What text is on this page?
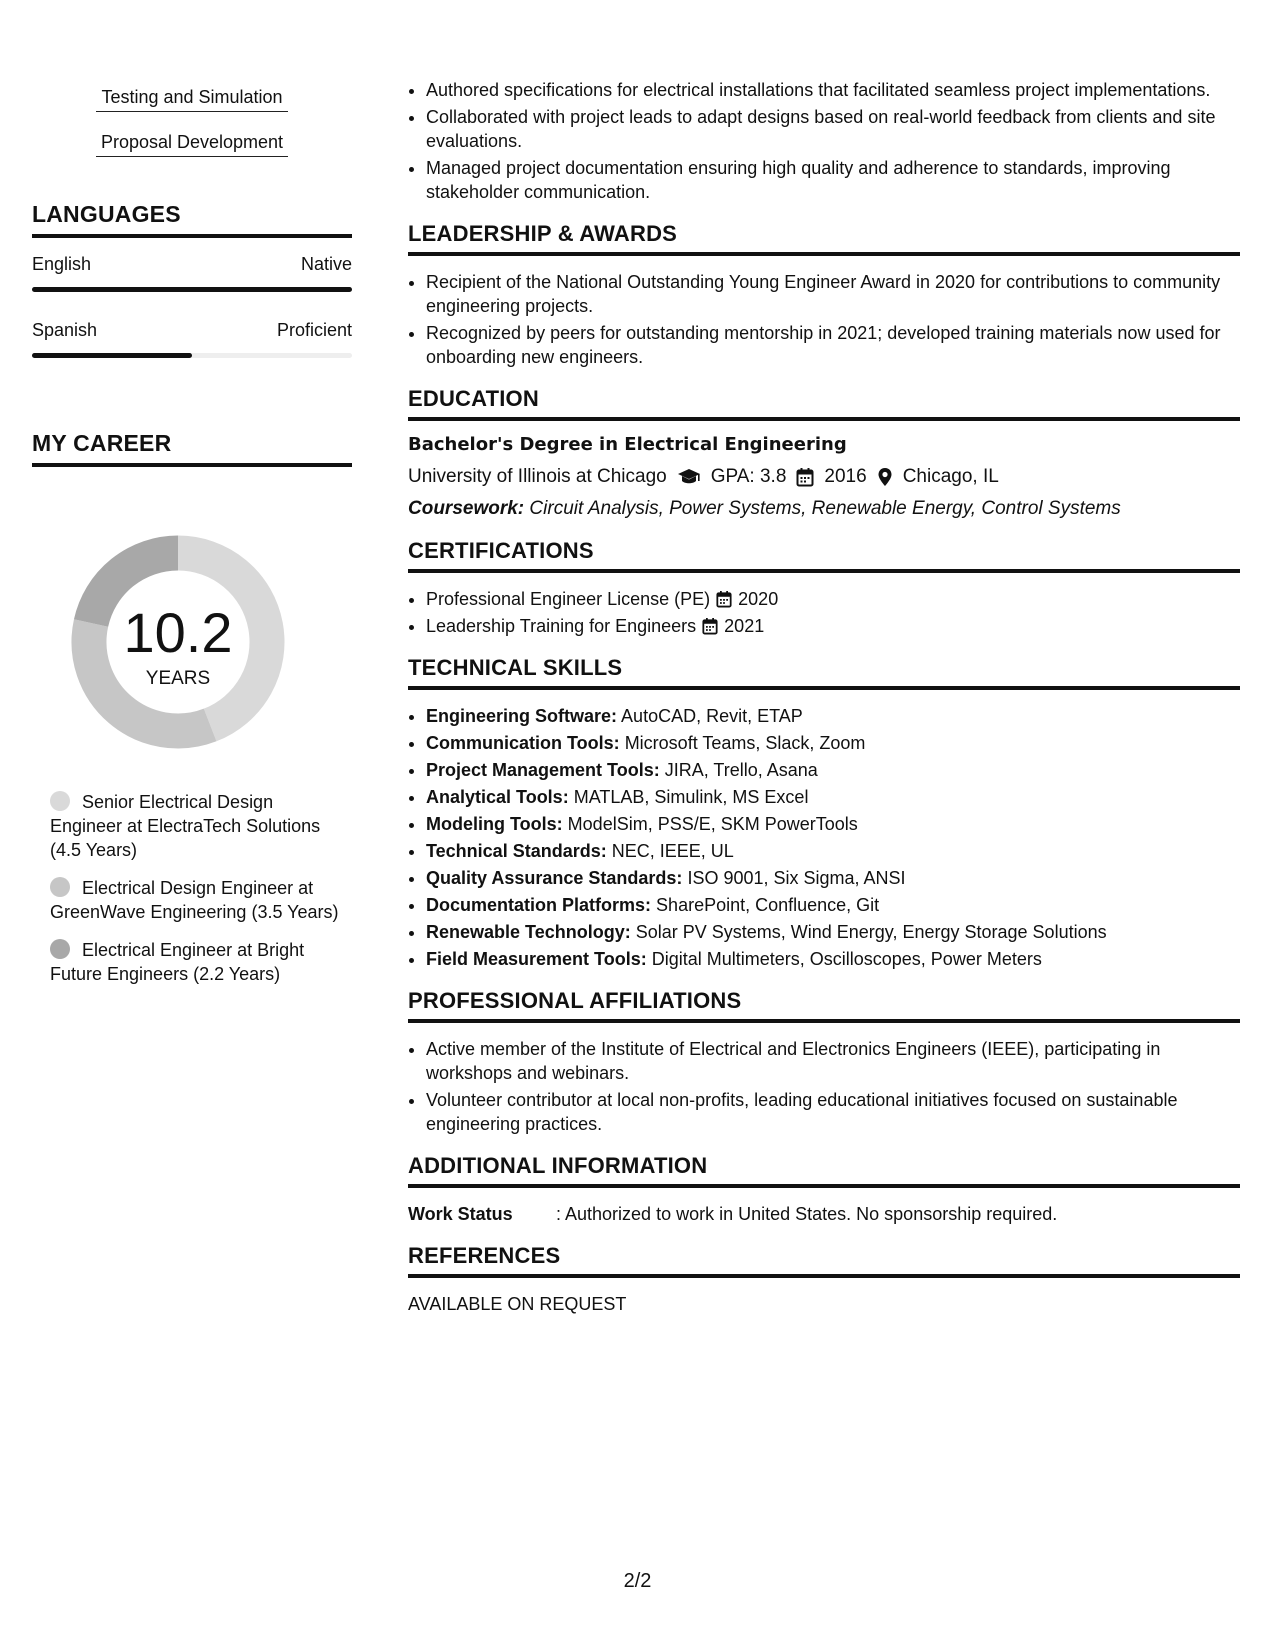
Testing and Simulation
Proposal Development
LANGUAGES
English	Native
Spanish	Proficient
MY CAREER
10.2
YEARS
Senior Electrical Design Engineer at ElectraTech Solutions (4.5 Years)
Electrical Design Engineer at GreenWave Engineering (3.5 Years)
Electrical Engineer at Bright Future Engineers (2.2 Years)
• Authored specifications for electrical installations that facilitated seamless project implementations.
• Collaborated with project leads to adapt designs based on real-world feedback from clients and site evaluations.
• Managed project documentation ensuring high quality and adherence to standards, improving stakeholder communication.
LEADERSHIP & AWARDS
• Recipient of the National Outstanding Young Engineer Award in 2020 for contributions to community engineering projects.
• Recognized by peers for outstanding mentorship in 2021; developed training materials now used for onboarding new engineers.
EDUCATION
Bachelor's Degree in Electrical Engineering
University of Illinois at Chicago GPA: 3.8 2016 Chicago, IL
Coursework: Circuit Analysis, Power Systems, Renewable Energy, Control Systems
CERTIFICATIONS
• Professional Engineer License (PE) 2020
• Leadership Training for Engineers 2021
TECHNICAL SKILLS
• Engineering Software: AutoCAD, Revit, ETAP
• Communication Tools: Microsoft Teams, Slack, Zoom
• Project Management Tools: JIRA, Trello, Asana
• Analytical Tools: MATLAB, Simulink, MS Excel
• Modeling Tools: ModelSim, PSS/E, SKM PowerTools
• Technical Standards: NEC, IEEE, UL
• Quality Assurance Standards: ISO 9001, Six Sigma, ANSI
• Documentation Platforms: SharePoint, Confluence, Git
• Renewable Technology: Solar PV Systems, Wind Energy, Energy Storage Solutions
• Field Measurement Tools: Digital Multimeters, Oscilloscopes, Power Meters
PROFESSIONAL AFFILIATIONS
• Active member of the Institute of Electrical and Electronics Engineers (IEEE), participating in workshops and webinars.
• Volunteer contributor at local non-profits, leading educational initiatives focused on sustainable engineering practices.
ADDITIONAL INFORMATION
Work Status	: Authorized to work in United States. No sponsorship required.
REFERENCES
AVAILABLE ON REQUEST
2/2
